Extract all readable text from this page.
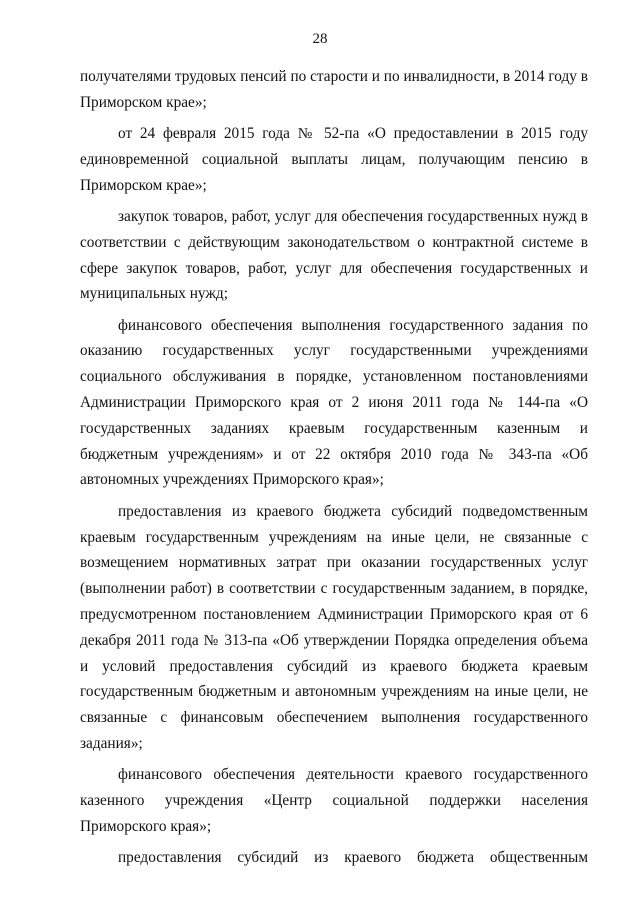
28

получателями трудовых пенсий по старости и по инвалидности, в 2014 году в Приморском крае»;

от 24 февраля 2015 года № 52-па «О предоставлении в 2015 году единовременной социальной выплаты лицам, получающим пенсию в Приморском крае»;

закупок товаров, работ, услуг для обеспечения государственных нужд в соответствии с действующим законодательством о контрактной системе в сфере закупок товаров, работ, услуг для обеспечения государственных и муниципальных нужд;

финансового обеспечения выполнения государственного задания по оказанию государственных услуг государственными учреждениями социального обслуживания в порядке, установленном постановлениями Администрации Приморского края от 2 июня 2011 года № 144-па «О государственных заданиях краевым государственным казенным и бюджетным учреждениям» и от 22 октября 2010 года № 343-па «Об автономных учреждениях Приморского края»;

предоставления из краевого бюджета субсидий подведомственным краевым государственным учреждениям на иные цели, не связанные с возмещением нормативных затрат при оказании государственных услуг (выполнении работ) в соответствии с государственным заданием, в порядке, предусмотренном постановлением Администрации Приморского края от 6 декабря 2011 года № 313-па «Об утверждении Порядка определения объема и условий предоставления субсидий из краевого бюджета краевым государственным бюджетным и автономным учреждениям на иные цели, не связанные с финансовым обеспечением выполнения государственного задания»;

финансового обеспечения деятельности краевого государственного казенного учреждения «Центр социальной поддержки населения Приморского края»;

предоставления субсидий из краевого бюджета общественным
